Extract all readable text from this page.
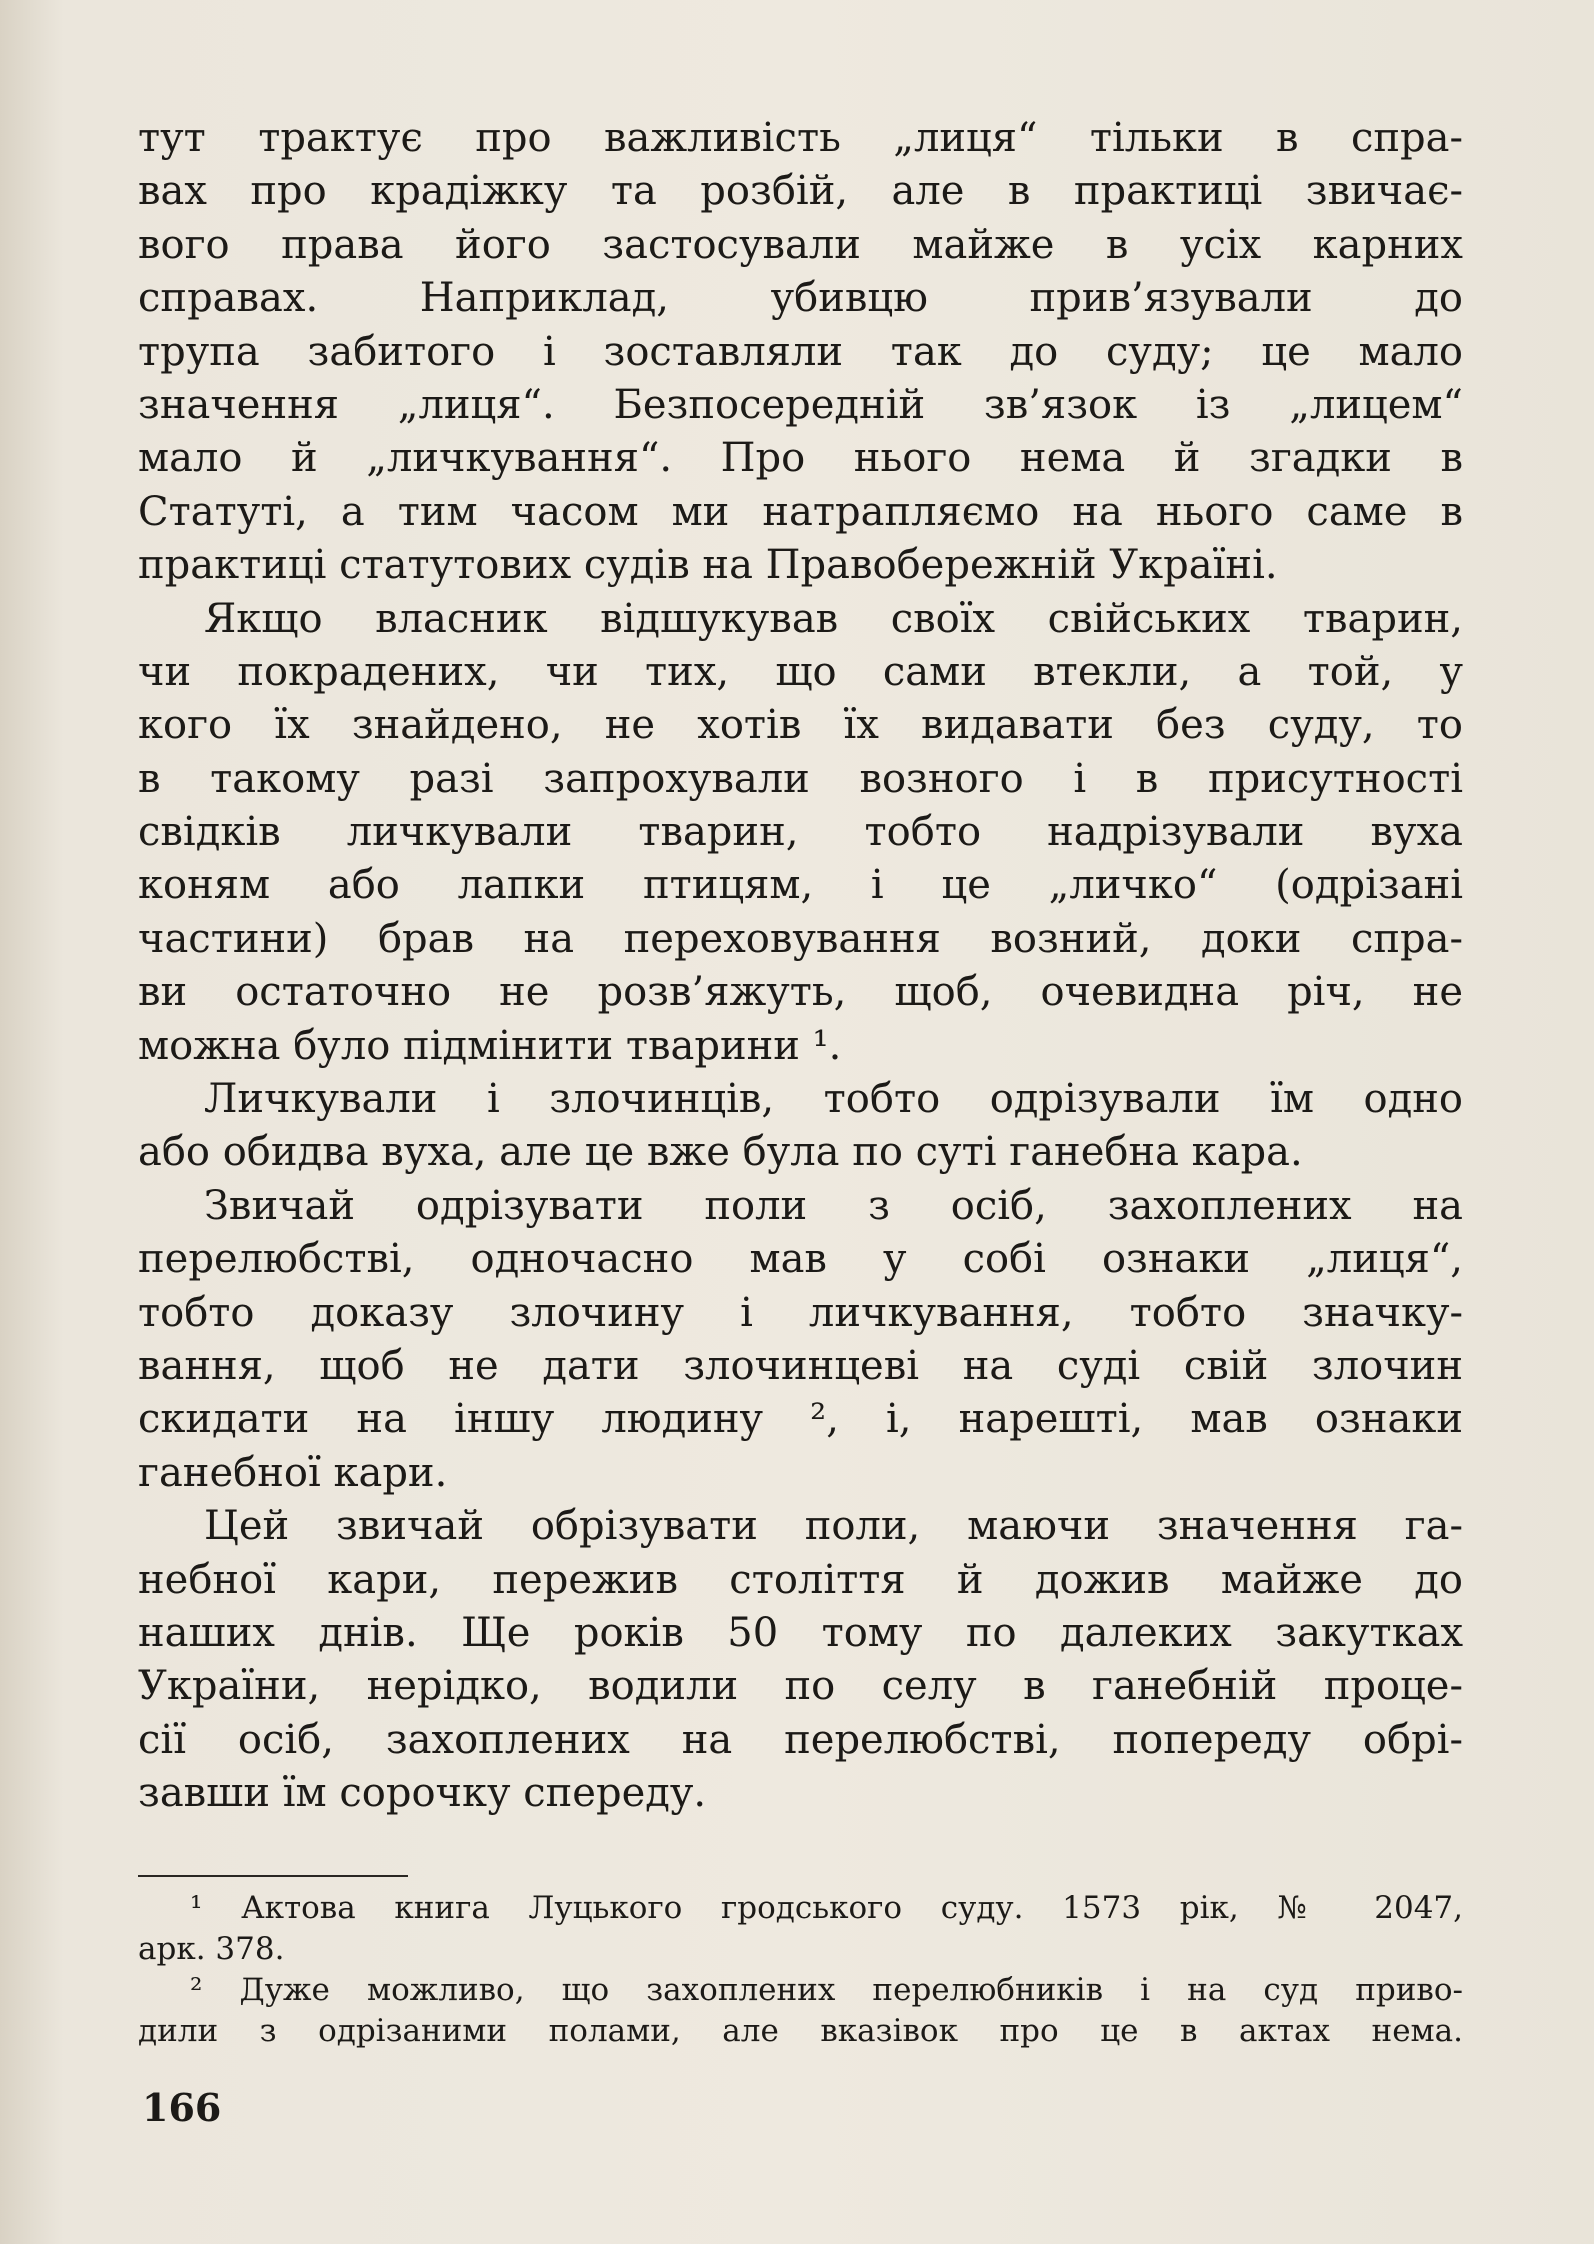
тут трактує про важливість „лиця“ тільки в спра-
вах про крадіжку та розбій, але в практиці звичає-
вого права його застосували майже в усіх карних
справах. Наприклад, убивцю прив’язували до
трупа забитого і зоставляли так до суду; це мало
значення „лиця“. Безпосередній зв’язок із „лицем“
мало й „личкування“. Про нього нема й згадки в
Статуті, а тим часом ми натрапляємо на нього саме в
практиці статутових судів на Правобережній Україні.
Якщо власник відшукував своїх свійських тварин,
чи покрадених, чи тих, що сами втекли, а той, у
кого їх знайдено, не хотів їх видавати без суду, то
в такому разі запрохували возного і в присутності
свідків личкували тварин, тобто надрізували вуха
коням або лапки птицям, і це „личко“ (одрізані
частини) брав на переховування возний, доки спра-
ви остаточно не розв’яжуть, щоб, очевидна річ, не
можна було підмінити тварини ¹.
Личкували і злочинців, тобто одрізували їм одно
або обидва вуха, але це вже була по суті ганебна кара.
Звичай одрізувати поли з осіб, захоплених на
перелюбстві, одночасно мав у собі ознаки „лиця“,
тобто доказу злочину і личкування, тобто значку-
вання, щоб не дати злочинцеві на суді свій злочин
скидати на іншу людину ², і, нарешті, мав ознаки
ганебної кари.
Цей звичай обрізувати поли, маючи значення га-
небної кари, пережив століття й дожив майже до
наших днів. Ще років 50 тому по далеких закутках
України, нерідко, водили по селу в ганебній проце-
сії осіб, захоплених на перелюбстві, попереду обрі-
завши їм сорочку спереду.
¹ Актова книга Луцького гродського суду. 1573 рік, № 2047,
арк. 378.
² Дуже можливо, що захоплених перелюбників і на суд приво-
дили з одрізаними полами, але вказівок про це в актах нема.
166
